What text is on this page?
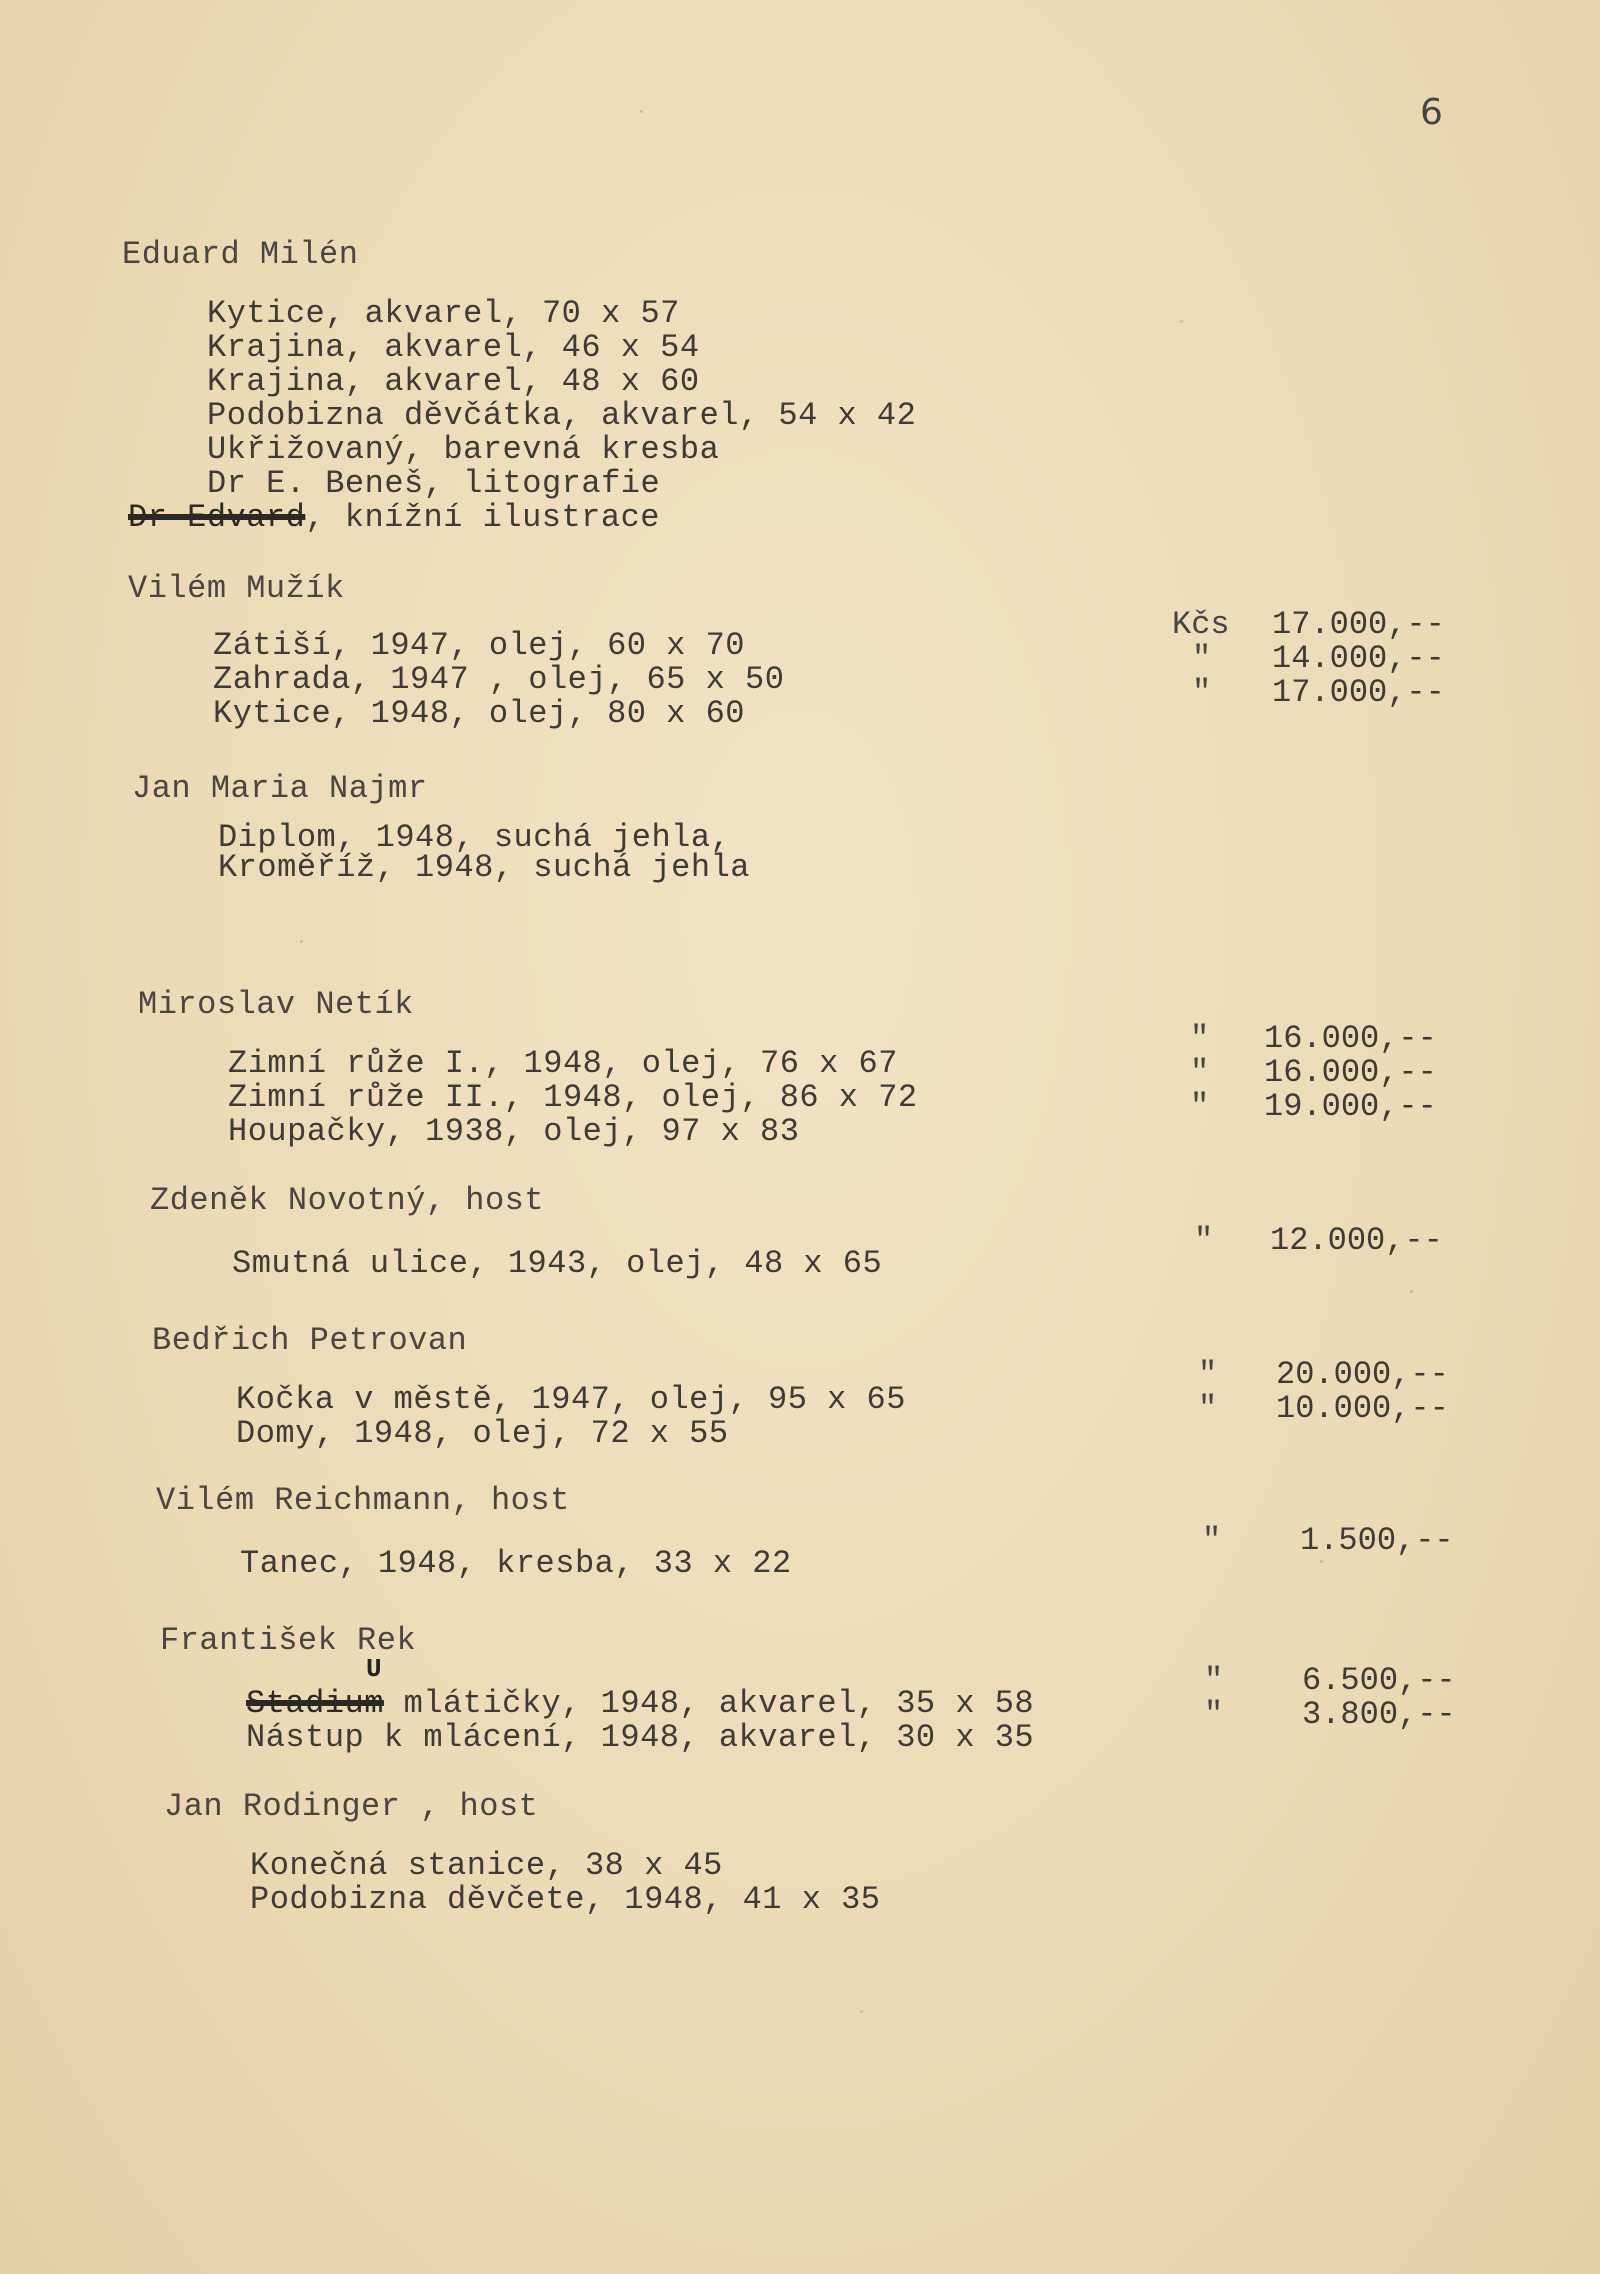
6
Eduard Milén
Kytice, akvarel, 70 x 57
Krajina, akvarel, 46 x 54
Krajina, akvarel, 48 x 60
Podobizna děvčátka, akvarel, 54 x 42
Ukřižovaný, barevná kresba
Dr E. Beneš, litografie
Dr Edvard, knížní ilustrace
Vilém Mužík
Zátiší, 1947, olej, 60 x 70
Zahrada, 1947 , olej, 65 x 50
Kytice, 1948, olej, 80 x 60
Kčs
"
"
17.000,--
14.000,--
17.000,--
Jan Maria Najmr
Diplom, 1948, suchá jehla,
Kroměříž, 1948, suchá jehla
Miroslav Netík
Zimní růže I., 1948, olej, 76 x 67
Zimní růže II., 1948, olej, 86 x 72
Houpačky, 1938, olej, 97 x 83
"
"
"
16.000,--
16.000,--
19.000,--
Zdeněk Novotný, host
Smutná ulice, 1943, olej, 48 x 65
" 12.000,--
Bedřich Petrovan
Kočka v městě, 1947, olej, 95 x 65
Domy, 1948, olej, 72 x 55
"
"
20.000,--
10.000,--
Vilém Reichmann, host
Tanec, 1948, kresba, 33 x 22
" 1.500,--
František Rek
U
Stadium mlátičky, 1948, akvarel, 35 x 58
Nástup k mlácení, 1948, akvarel, 30 x 35
"
"
6.500,--
3.800,--
Jan Rodinger , host
Konečná stanice, 38 x 45
Podobizna děvčete, 1948, 41 x 35
